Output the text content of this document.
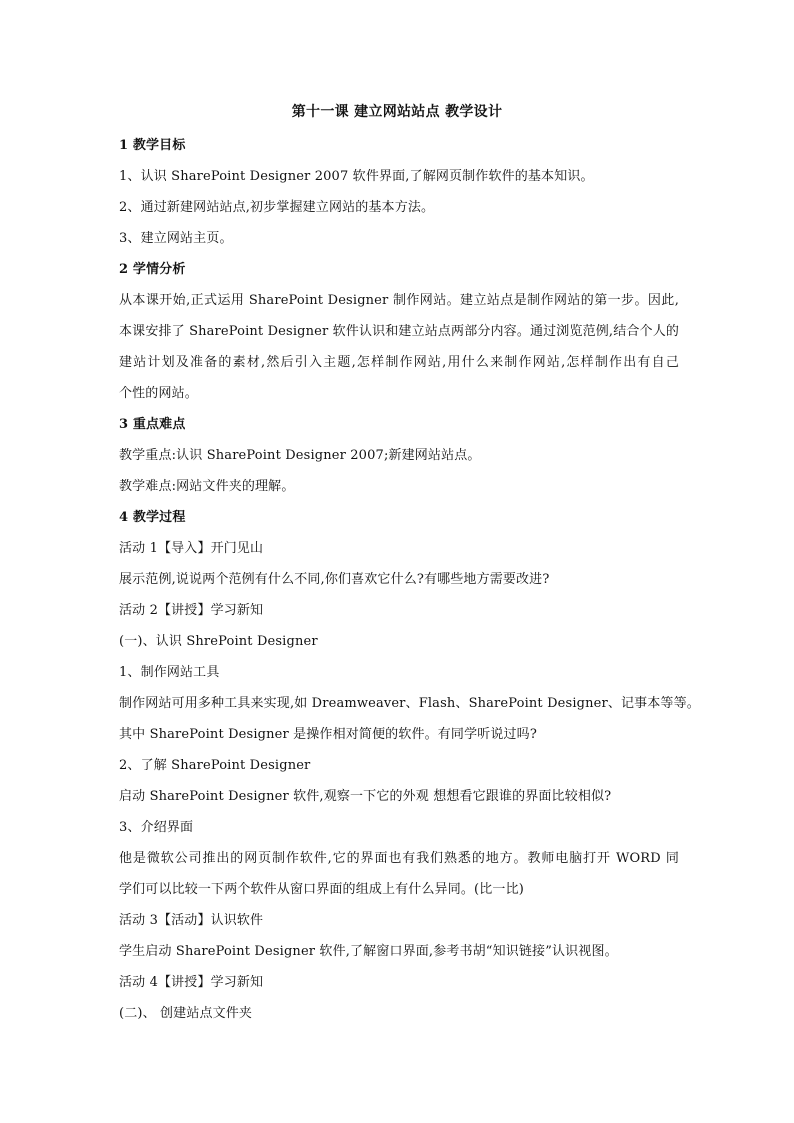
第十一课 建立网站站点 教学设计
1 教学目标
1、认识 SharePoint Designer 2007 软件界面,了解网页制作软件的基本知识。
2、通过新建网站站点,初步掌握建立网站的基本方法。
3、建立网站主页。
2 学情分析
从本课开始,正式运用 SharePoint Designer 制作网站。建立站点是制作网站的第一步。因此,
本课安排了 SharePoint Designer 软件认识和建立站点两部分内容。通过浏览范例,结合个人的
建站计划及准备的素材,然后引入主题,怎样制作网站,用什么来制作网站,怎样制作出有自己
个性的网站。
3 重点难点
教学重点:认识 SharePoint Designer 2007;新建网站站点。
教学难点:网站文件夹的理解。
4 教学过程
活动 1【导入】开门见山
展示范例,说说两个范例有什么不同,你们喜欢它什么?有哪些地方需要改进?
活动 2【讲授】学习新知
(一)、认识 ShrePoint Designer
1、制作网站工具
制作网站可用多种工具来实现,如 Dreamweaver、Flash、SharePoint Designer、记事本等等。
其中 SharePoint Designer 是操作相对简便的软件。有同学听说过吗?
2、了解 SharePoint Designer
启动 SharePoint Designer 软件,观察一下它的外观 想想看它跟谁的界面比较相似?
3、介绍界面
他是微软公司推出的网页制作软件,它的界面也有我们熟悉的地方。教师电脑打开 WORD 同
学们可以比较一下两个软件从窗口界面的组成上有什么异同。(比一比)
活动 3【活动】认识软件
学生启动 SharePoint Designer 软件,了解窗口界面,参考书胡“知识链接”认识视图。
活动 4【讲授】学习新知
(二)、 创建站点文件夹
